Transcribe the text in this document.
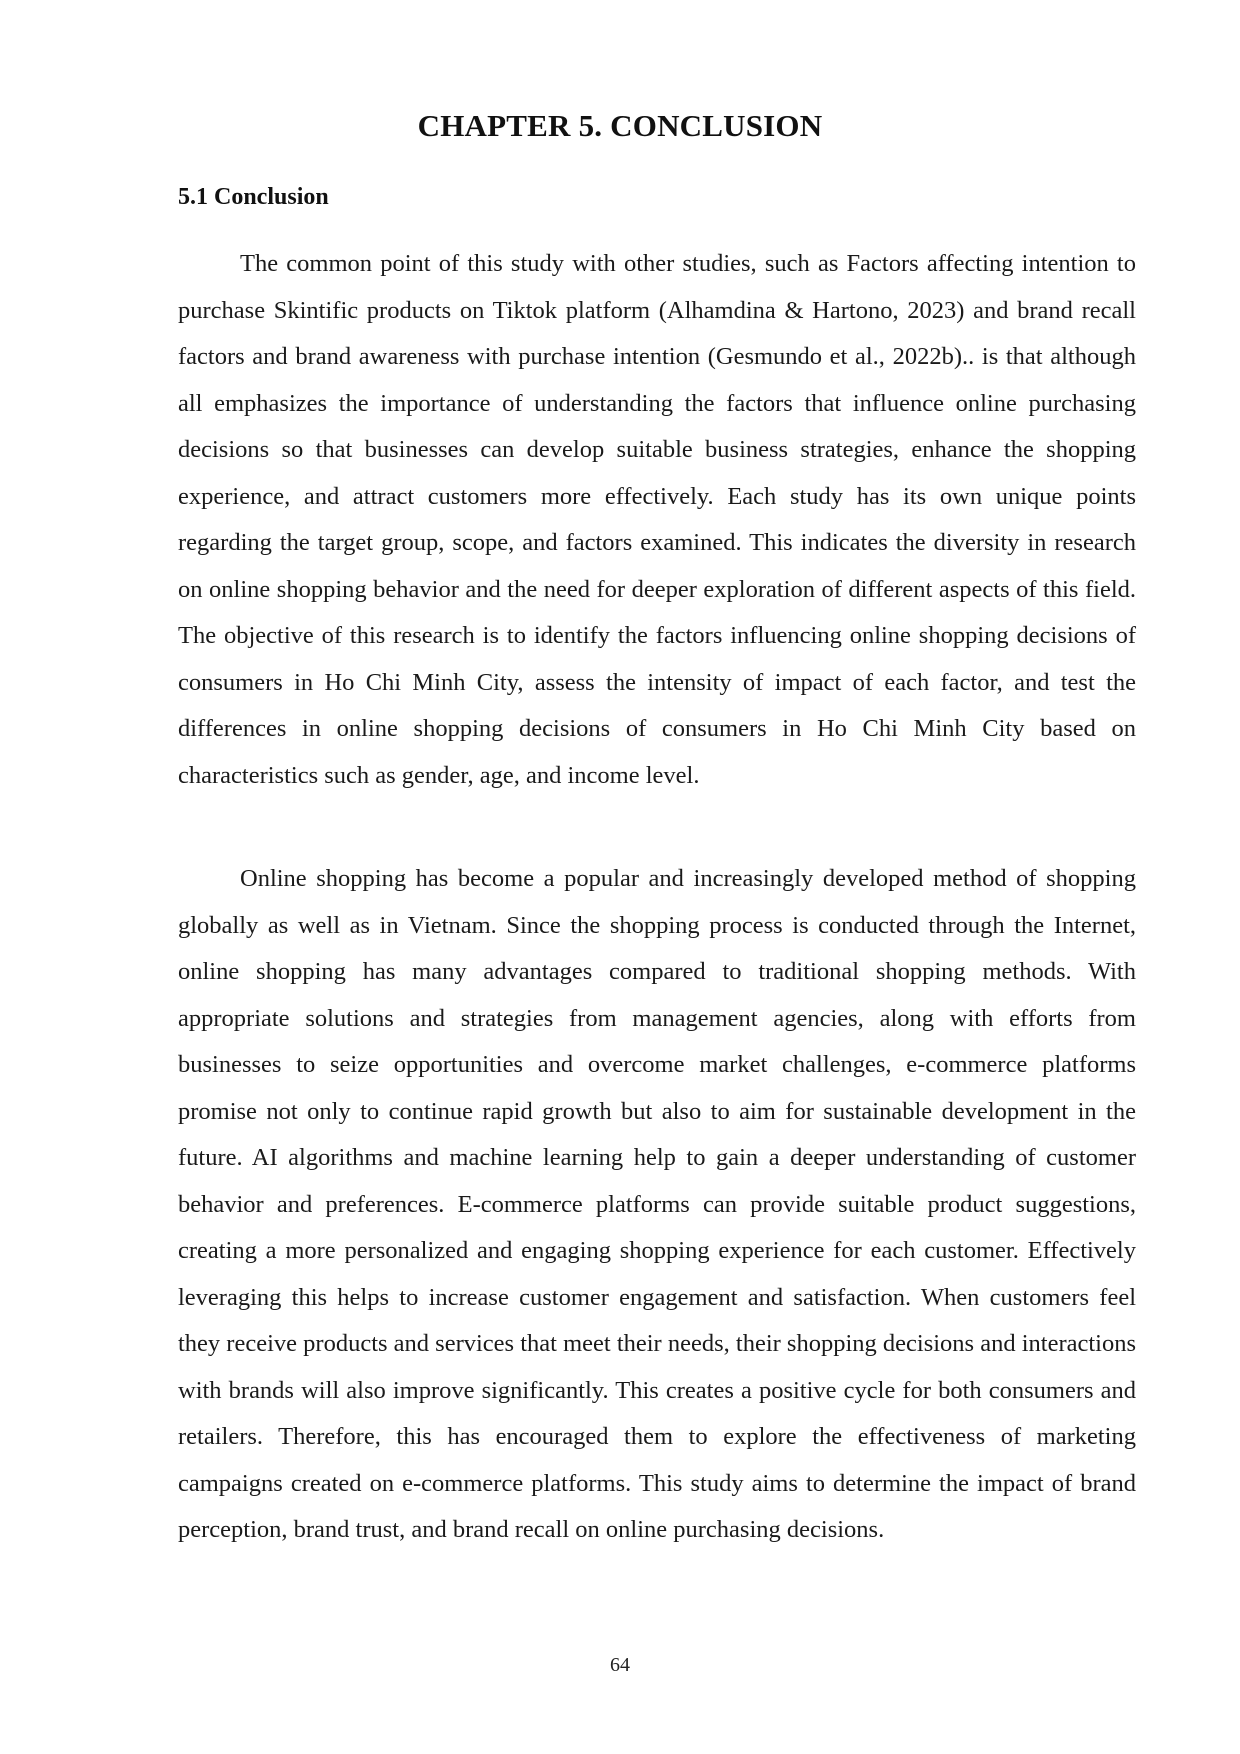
CHAPTER 5. CONCLUSION
5.1 Conclusion

The common point of this study with other studies, such as Factors affecting intention to purchase Skintific products on Tiktok platform (Alhamdina & Hartono, 2023) and brand recall factors and brand awareness with purchase intention (Gesmundo et al., 2022b).. is that although all emphasizes the importance of understanding the factors that influence online purchasing decisions so that businesses can develop suitable business strategies, enhance the shopping experience, and attract customers more effectively. Each study has its own unique points regarding the target group, scope, and factors examined. This indicates the diversity in research on online shopping behavior and the need for deeper exploration of different aspects of this field. The objective of this research is to identify the factors influencing online shopping decisions of consumers in Ho Chi Minh City, assess the intensity of impact of each factor, and test the differences in online shopping decisions of consumers in Ho Chi Minh City based on characteristics such as gender, age, and income level.

Online shopping has become a popular and increasingly developed method of shopping globally as well as in Vietnam. Since the shopping process is conducted through the Internet, online shopping has many advantages compared to traditional shopping methods. With appropriate solutions and strategies from management agencies, along with efforts from businesses to seize opportunities and overcome market challenges, e-commerce platforms promise not only to continue rapid growth but also to aim for sustainable development in the future. AI algorithms and machine learning help to gain a deeper understanding of customer behavior and preferences. E-commerce platforms can provide suitable product suggestions, creating a more personalized and engaging shopping experience for each customer. Effectively leveraging this helps to increase customer engagement and satisfaction. When customers feel they receive products and services that meet their needs, their shopping decisions and interactions with brands will also improve significantly. This creates a positive cycle for both consumers and retailers. Therefore, this has encouraged them to explore the effectiveness of marketing campaigns created on e-commerce platforms. This study aims to determine the impact of brand perception, brand trust, and brand recall on online purchasing decisions.

64
